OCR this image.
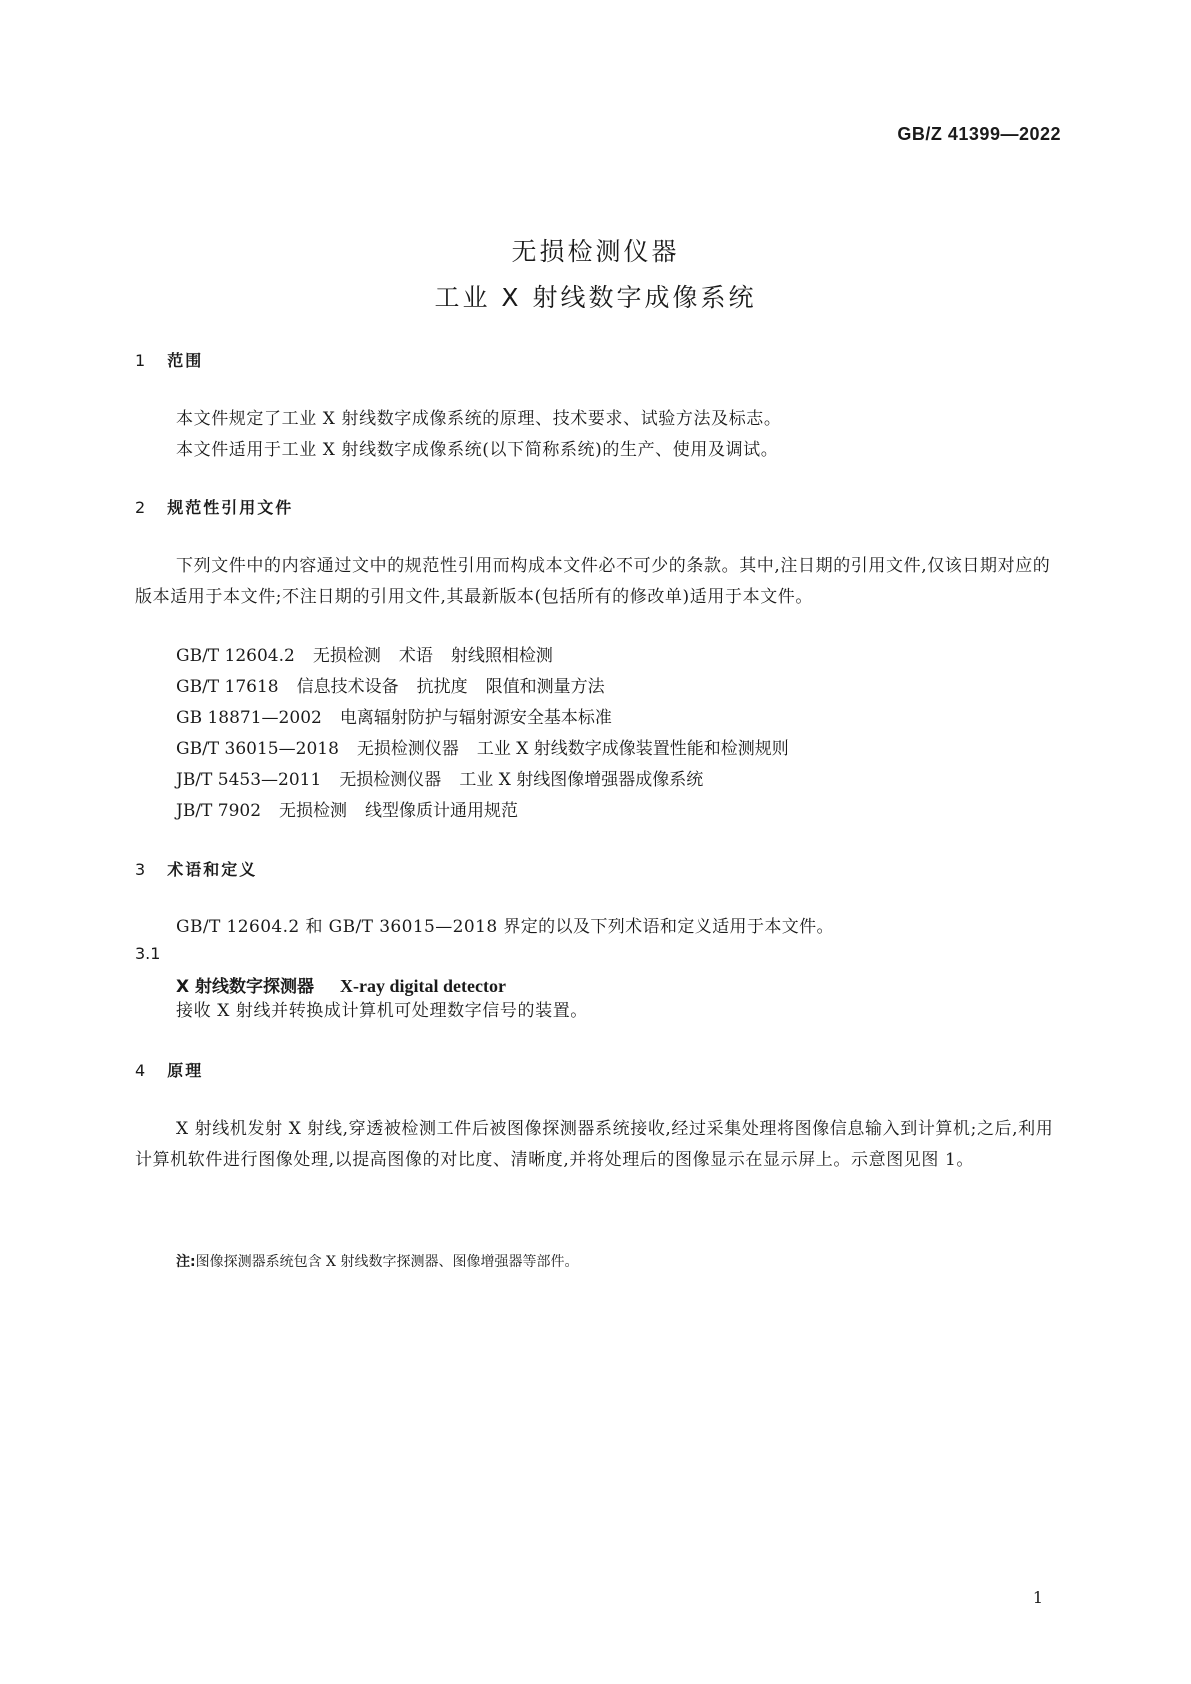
GB/Z 41399—2022
无损检测仪器
工业 X 射线数字成像系统
1 范围
本文件规定了工业 X 射线数字成像系统的原理、技术要求、试验方法及标志。
本文件适用于工业 X 射线数字成像系统(以下简称系统)的生产、使用及调试。
2 规范性引用文件
下列文件中的内容通过文中的规范性引用而构成本文件必不可少的条款。其中,注日期的引用文件,仅该日期对应的版本适用于本文件;不注日期的引用文件,其最新版本(包括所有的修改单)适用于本文件。
GB/T 12604.2 无损检测 术语 射线照相检测
GB/T 17618 信息技术设备 抗扰度 限值和测量方法
GB 18871—2002 电离辐射防护与辐射源安全基本标准
GB/T 36015—2018 无损检测仪器 工业 X 射线数字成像装置性能和检测规则
JB/T 5453—2011 无损检测仪器 工业 X 射线图像增强器成像系统
JB/T 7902 无损检测 线型像质计通用规范
3 术语和定义
GB/T 12604.2 和 GB/T 36015—2018 界定的以及下列术语和定义适用于本文件。
3.1
X 射线数字探测器 X-ray digital detector
接收 X 射线并转换成计算机可处理数字信号的装置。
4 原理
X 射线机发射 X 射线,穿透被检测工件后被图像探测器系统接收,经过采集处理将图像信息输入到计算机;之后,利用计算机软件进行图像处理,以提高图像的对比度、清晰度,并将处理后的图像显示在显示屏上。示意图见图 1。
注:图像探测器系统包含 X 射线数字探测器、图像增强器等部件。
1
